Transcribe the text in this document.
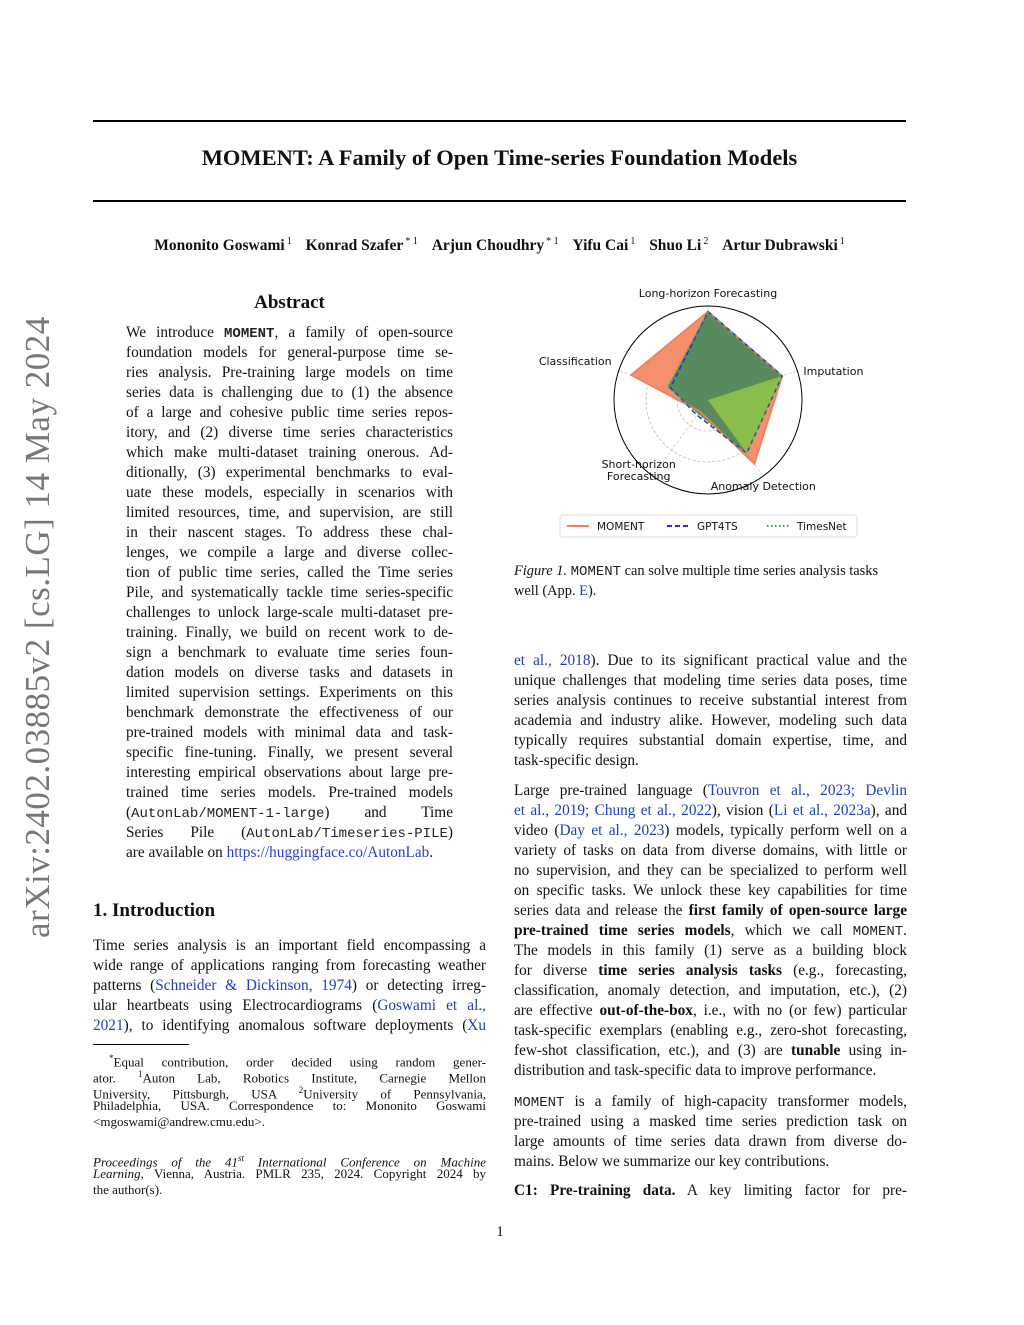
arXiv:2402.03885v2 [cs.LG] 14 May 2024
MOMENT: A Family of Open Time-series Foundation Models
Mononito Goswami $^1$ Konrad Szafer $^{* 1}$ Arjun Choudhry $^{* 1}$ Yifu Cai $^1$ Shuo Li $^2$ Artur Dubrawski $^1$
Abstract
We introduce MOMENT, a family of open-source
foundation models for general-purpose time se-
ries analysis. Pre-training large models on time
series data is challenging due to (1) the absence
of a large and cohesive public time series repos-
itory, and (2) diverse time series characteristics
which make multi-dataset training onerous. Ad-
ditionally, (3) experimental benchmarks to eval-
uate these models, especially in scenarios with
limited resources, time, and supervision, are still
in their nascent stages. To address these chal-
lenges, we compile a large and diverse collec-
tion of public time series, called the Time series
Pile, and systematically tackle time series-specific
challenges to unlock large-scale multi-dataset pre-
training. Finally, we build on recent work to de-
sign a benchmark to evaluate time series foun-
dation models on diverse tasks and datasets in
limited supervision settings. Experiments on this
benchmark demonstrate the effectiveness of our
pre-trained models with minimal data and task-
specific fine-tuning. Finally, we present several
interesting empirical observations about large pre-
trained time series models. Pre-trained models
(AutonLab/MOMENT-1-large) and Time
Series Pile (AutonLab/Timeseries-PILE)
are available on https://huggingface.co/AutonLab.
1. Introduction
Time series analysis is an important field encompassing a
wide range of applications ranging from forecasting weather
patterns (Schneider & Dickinson, 1974) or detecting irreg-
ular heartbeats using Electrocardiograms (Goswami et al.,
2021), to identifying anomalous software deployments (Xu
*Equal contribution, order decided using random gener-
ator. $^1$Auton Lab, Robotics Institute, Carnegie Mellon
University, Pittsburgh, USA $^2$University of Pennsylvania,
Philadelphia, USA. Correspondence to: Mononito Goswami
<mgoswami@andrew.cmu.edu>.
Proceedings of the 41st International Conference on Machine
Learning, Vienna, Austria. PMLR 235, 2024. Copyright 2024 by
the author(s).
Long-horizon Forecasting
Imputation
Anomaly Detection
Short-horizon Forecasting
Classification
MOMENT	GPT4TS	TimesNet
Figure 1. MOMENT can solve multiple time series analysis tasks
well (App. E).
et al., 2018). Due to its significant practical value and the
unique challenges that modeling time series data poses, time
series analysis continues to receive substantial interest from
academia and industry alike. However, modeling such data
typically requires substantial domain expertise, time, and
task-specific design.
Large pre-trained language (Touvron et al., 2023; Devlin
et al., 2019; Chung et al., 2022), vision (Li et al., 2023a), and
video (Day et al., 2023) models, typically perform well on a
variety of tasks on data from diverse domains, with little or
no supervision, and they can be specialized to perform well
on specific tasks. We unlock these key capabilities for time
series data and release the first family of open-source large
pre-trained time series models, which we call MOMENT.
The models in this family (1) serve as a building block
for diverse time series analysis tasks (e.g., forecasting,
classification, anomaly detection, and imputation, etc.), (2)
are effective out-of-the-box, i.e., with no (or few) particular
task-specific exemplars (enabling e.g., zero-shot forecasting,
few-shot classification, etc.), and (3) are tunable using in-
distribution and task-specific data to improve performance.
MOMENT is a family of high-capacity transformer models,
pre-trained using a masked time series prediction task on
large amounts of time series data drawn from diverse do-
mains. Below we summarize our key contributions.
C1: Pre-training data. A key limiting factor for pre-
1
